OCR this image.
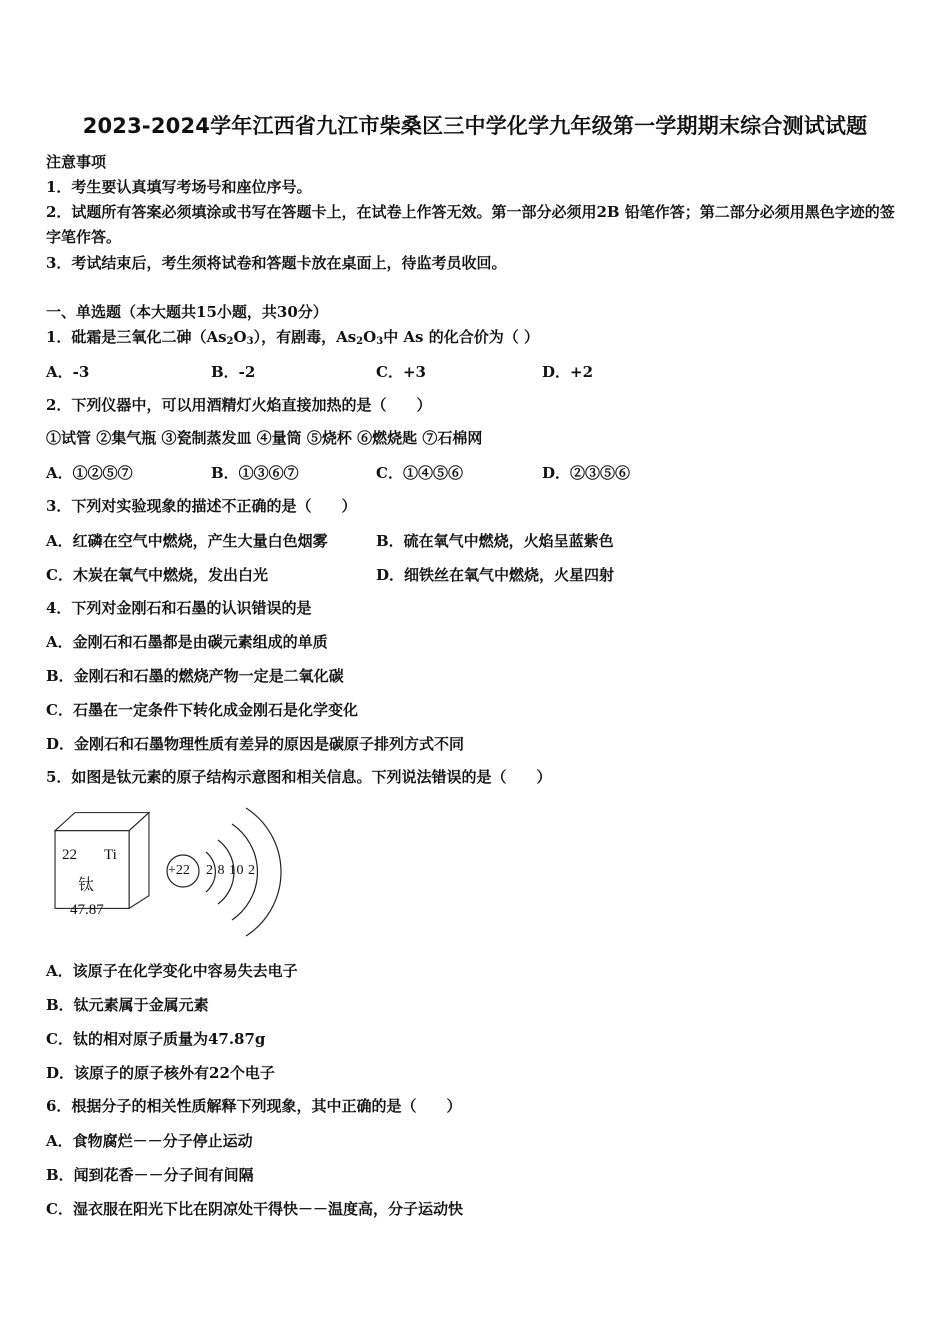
2023-2024学年江西省九江市柴桑区三中学化学九年级第一学期期末综合测试试题
注意事项
1．考生要认真填写考场号和座位序号。
2．试题所有答案必须填涂或书写在答题卡上，在试卷上作答无效。第一部分必须用2B 铅笔作答；第二部分必须用黑色字迹的签字笔作答。
3．考试结束后，考生须将试卷和答题卡放在桌面上，待监考员收回。
一、单选题（本大题共15小题，共30分）
1．砒霜是三氧化二砷$(As_2O_3)$，有剧毒，$As_2O_3$中 As 的化合价为（ ）
A．-3	B．-2	C．+3	D．+2
2．下列仪器中，可以用酒精灯火焰直接加热的是（　　）
①试管 ②集气瓶 ③瓷制蒸发皿 ④量筒 ⑤烧杯 ⑥燃烧匙 ⑦石棉网
A．①②⑤⑦	B．①③⑥⑦	C．①④⑤⑥	D．②③⑤⑥
3．下列对实验现象的描述不正确的是（　　）
A．红磷在空气中燃烧，产生大量白色烟雾	B．硫在氧气中燃烧，火焰呈蓝紫色
C．木炭在氧气中燃烧，发出白光	D．细铁丝在氧气中燃烧，火星四射
4．下列对金刚石和石墨的认识错误的是
A．金刚石和石墨都是由碳元素组成的单质
B．金刚石和石墨的燃烧产物一定是二氧化碳
C．石墨在一定条件下转化成金刚石是化学变化
D．金刚石和石墨物理性质有差异的原因是碳原子排列方式不同
5．如图是钛元素的原子结构示意图和相关信息。下列说法错误的是（　　）
22 Ti
钛
47.87
+22 2 8 10 2
A．该原子在化学变化中容易失去电子
B．钛元素属于金属元素
C．钛的相对原子质量为47.87g
D．该原子的原子核外有22个电子
6．根据分子的相关性质解释下列现象，其中正确的是（　　）
A．食物腐烂－－分子停止运动
B．闻到花香－－分子间有间隔
C．湿衣服在阳光下比在阴凉处干得快－－温度高，分子运动快
